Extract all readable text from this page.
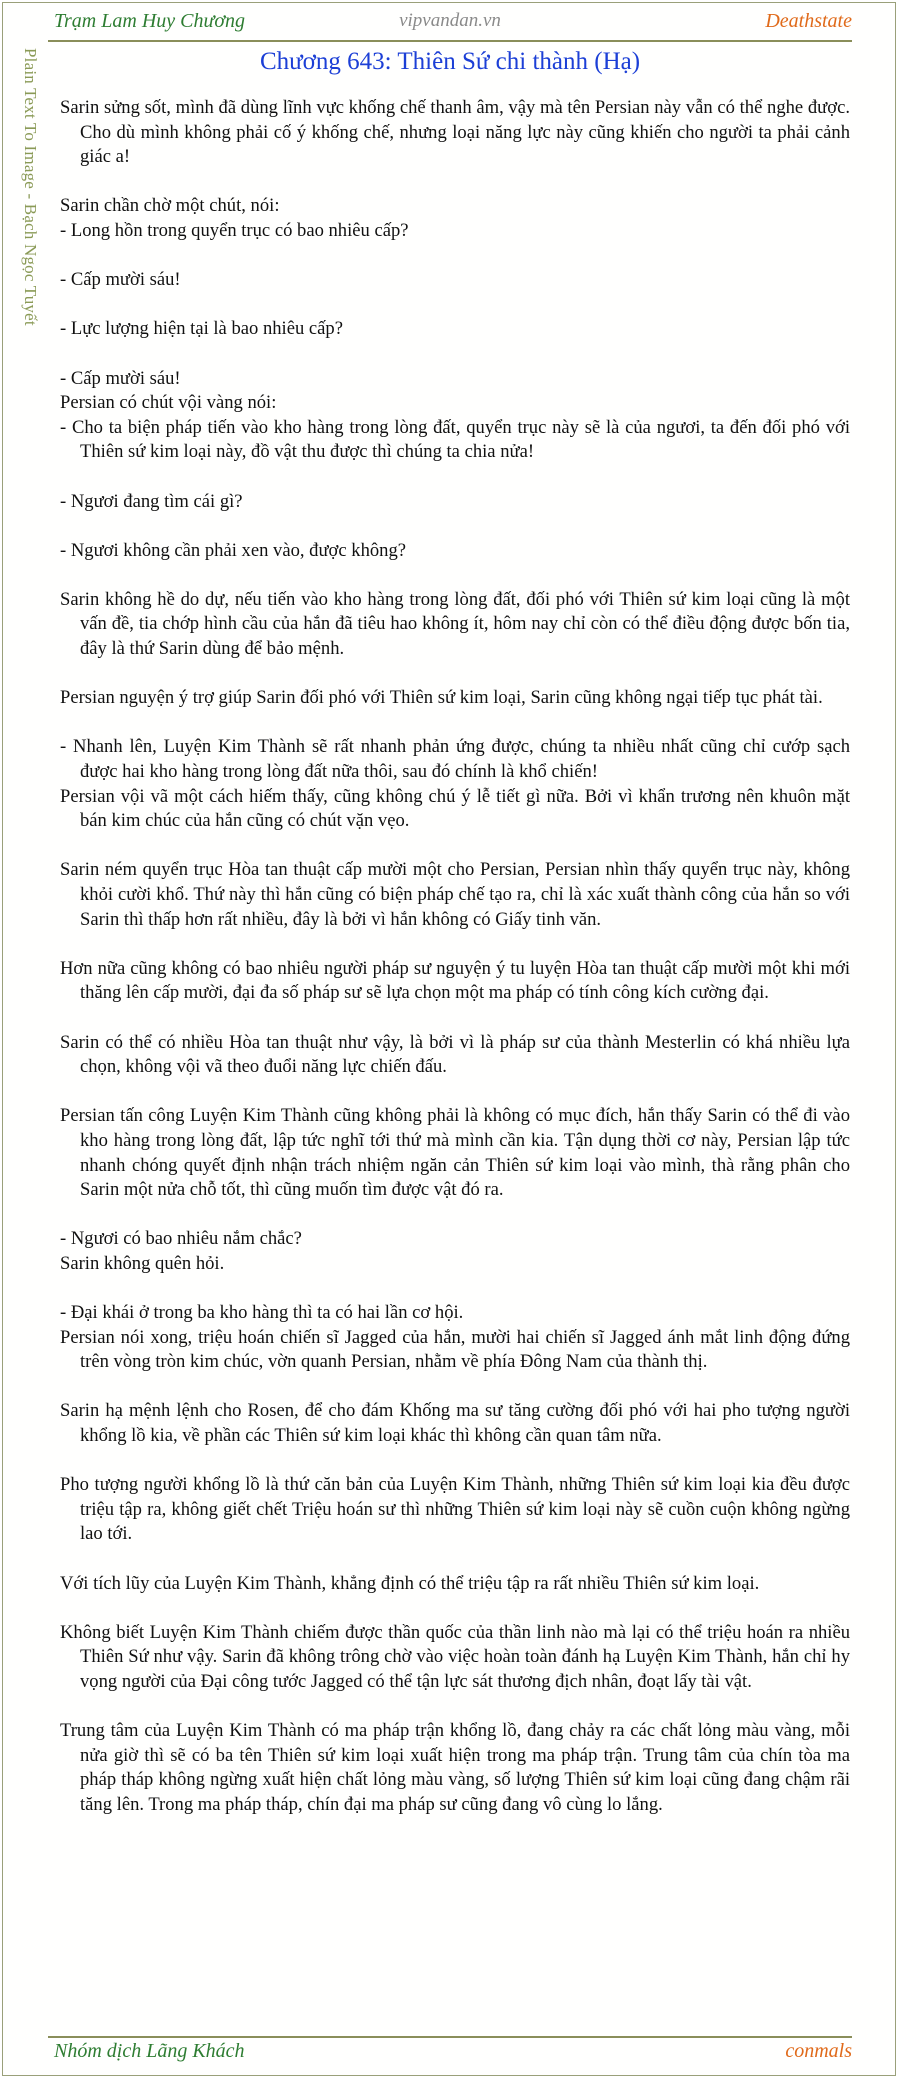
Trạm Lam Huy Chương	vipvandan.vn	Deathstate
Plain Text To Image - Bạch Ngọc Tuyết	Chương 643: Thiên Sứ chi thành (Hạ)

Sarin sửng sốt, mình đã dùng lĩnh vực khống chế thanh âm, vậy mà tên Persian này vẫn có thể nghe được. Cho dù mình không phải cố ý khống chế, nhưng loại năng lực này cũng khiến cho người ta phải cảnh giác a!

Sarin chần chờ một chút, nói:

- Long hồn trong quyển trục có bao nhiêu cấp?

- Cấp mười sáu!

- Lực lượng hiện tại là bao nhiêu cấp?

- Cấp mười sáu!

Persian có chút vội vàng nói:

- Cho ta biện pháp tiến vào kho hàng trong lòng đất, quyển trục này sẽ là của ngươi, ta đến đối phó với Thiên sứ kim loại này, đồ vật thu được thì chúng ta chia nửa!

- Ngươi đang tìm cái gì?

- Ngươi không cần phải xen vào, được không?

Sarin không hề do dự, nếu tiến vào kho hàng trong lòng đất, đối phó với Thiên sứ kim loại cũng là một vấn đề, tia chớp hình cầu của hắn đã tiêu hao không ít, hôm nay chỉ còn có thể điều động được bốn tia, đây là thứ Sarin dùng để bảo mệnh.

Persian nguyện ý trợ giúp Sarin đối phó với Thiên sứ kim loại, Sarin cũng không ngại tiếp tục phát tài.

- Nhanh lên, Luyện Kim Thành sẽ rất nhanh phản ứng được, chúng ta nhiều nhất cũng chỉ cướp sạch được hai kho hàng trong lòng đất nữa thôi, sau đó chính là khổ chiến!

Persian vội vã một cách hiếm thấy, cũng không chú ý lễ tiết gì nữa. Bởi vì khẩn trương nên khuôn mặt bán kim chúc của hắn cũng có chút vặn vẹo.

Sarin ném quyển trục Hòa tan thuật cấp mười một cho Persian, Persian nhìn thấy quyển trục này, không khỏi cười khổ. Thứ này thì hắn cũng có biện pháp chế tạo ra, chỉ là xác xuất thành công của hắn so với Sarin thì thấp hơn rất nhiều, đây là bởi vì hắn không có Giấy tinh văn.

Hơn nữa cũng không có bao nhiêu người pháp sư nguyện ý tu luyện Hòa tan thuật cấp mười một khi mới thăng lên cấp mười, đại đa số pháp sư sẽ lựa chọn một ma pháp có tính công kích cường đại.

Sarin có thể có nhiều Hòa tan thuật như vậy, là bởi vì là pháp sư của thành Mesterlin có khá nhiều lựa chọn, không vội vã theo đuổi năng lực chiến đấu.

Persian tấn công Luyện Kim Thành cũng không phải là không có mục đích, hắn thấy Sarin có thể đi vào kho hàng trong lòng đất, lập tức nghĩ tới thứ mà mình cần kia. Tận dụng thời cơ này, Persian lập tức nhanh chóng quyết định nhận trách nhiệm ngăn cản Thiên sứ kim loại vào mình, thà rằng phân cho Sarin một nửa chỗ tốt, thì cũng muốn tìm được vật đó ra.

- Ngươi có bao nhiêu nắm chắc?

Sarin không quên hỏi.

- Đại khái ở trong ba kho hàng thì ta có hai lần cơ hội.

Persian nói xong, triệu hoán chiến sĩ Jagged của hắn, mười hai chiến sĩ Jagged ánh mắt linh động đứng trên vòng tròn kim chúc, vờn quanh Persian, nhằm về phía Đông Nam của thành thị.

Sarin hạ mệnh lệnh cho Rosen, để cho đám Khống ma sư tăng cường đối phó với hai pho tượng người khổng lồ kia, về phần các Thiên sứ kim loại khác thì không cần quan tâm nữa.

Pho tượng người khổng lồ là thứ căn bản của Luyện Kim Thành, những Thiên sứ kim loại kia đều được triệu tập ra, không giết chết Triệu hoán sư thì những Thiên sứ kim loại này sẽ cuồn cuộn không ngừng lao tới.

Với tích lũy của Luyện Kim Thành, khẳng định có thể triệu tập ra rất nhiều Thiên sứ kim loại.

Không biết Luyện Kim Thành chiếm được thần quốc của thần linh nào mà lại có thể triệu hoán ra nhiều Thiên Sứ như vậy. Sarin đã không trông chờ vào việc hoàn toàn đánh hạ Luyện Kim Thành, hắn chỉ hy vọng người của Đại công tước Jagged có thể tận lực sát thương địch nhân, đoạt lấy tài vật.

Trung tâm của Luyện Kim Thành có ma pháp trận khổng lồ, đang chảy ra các chất lỏng màu vàng, mỗi nửa giờ thì sẽ có ba tên Thiên sứ kim loại xuất hiện trong ma pháp trận. Trung tâm của chín tòa ma pháp tháp không ngừng xuất hiện chất lỏng màu vàng, số lượng Thiên sứ kim loại cũng đang chậm rãi tăng lên. Trong ma pháp tháp, chín đại ma pháp sư cũng đang vô cùng lo lắng.

Nhóm dịch Lãng Khách	conmals
